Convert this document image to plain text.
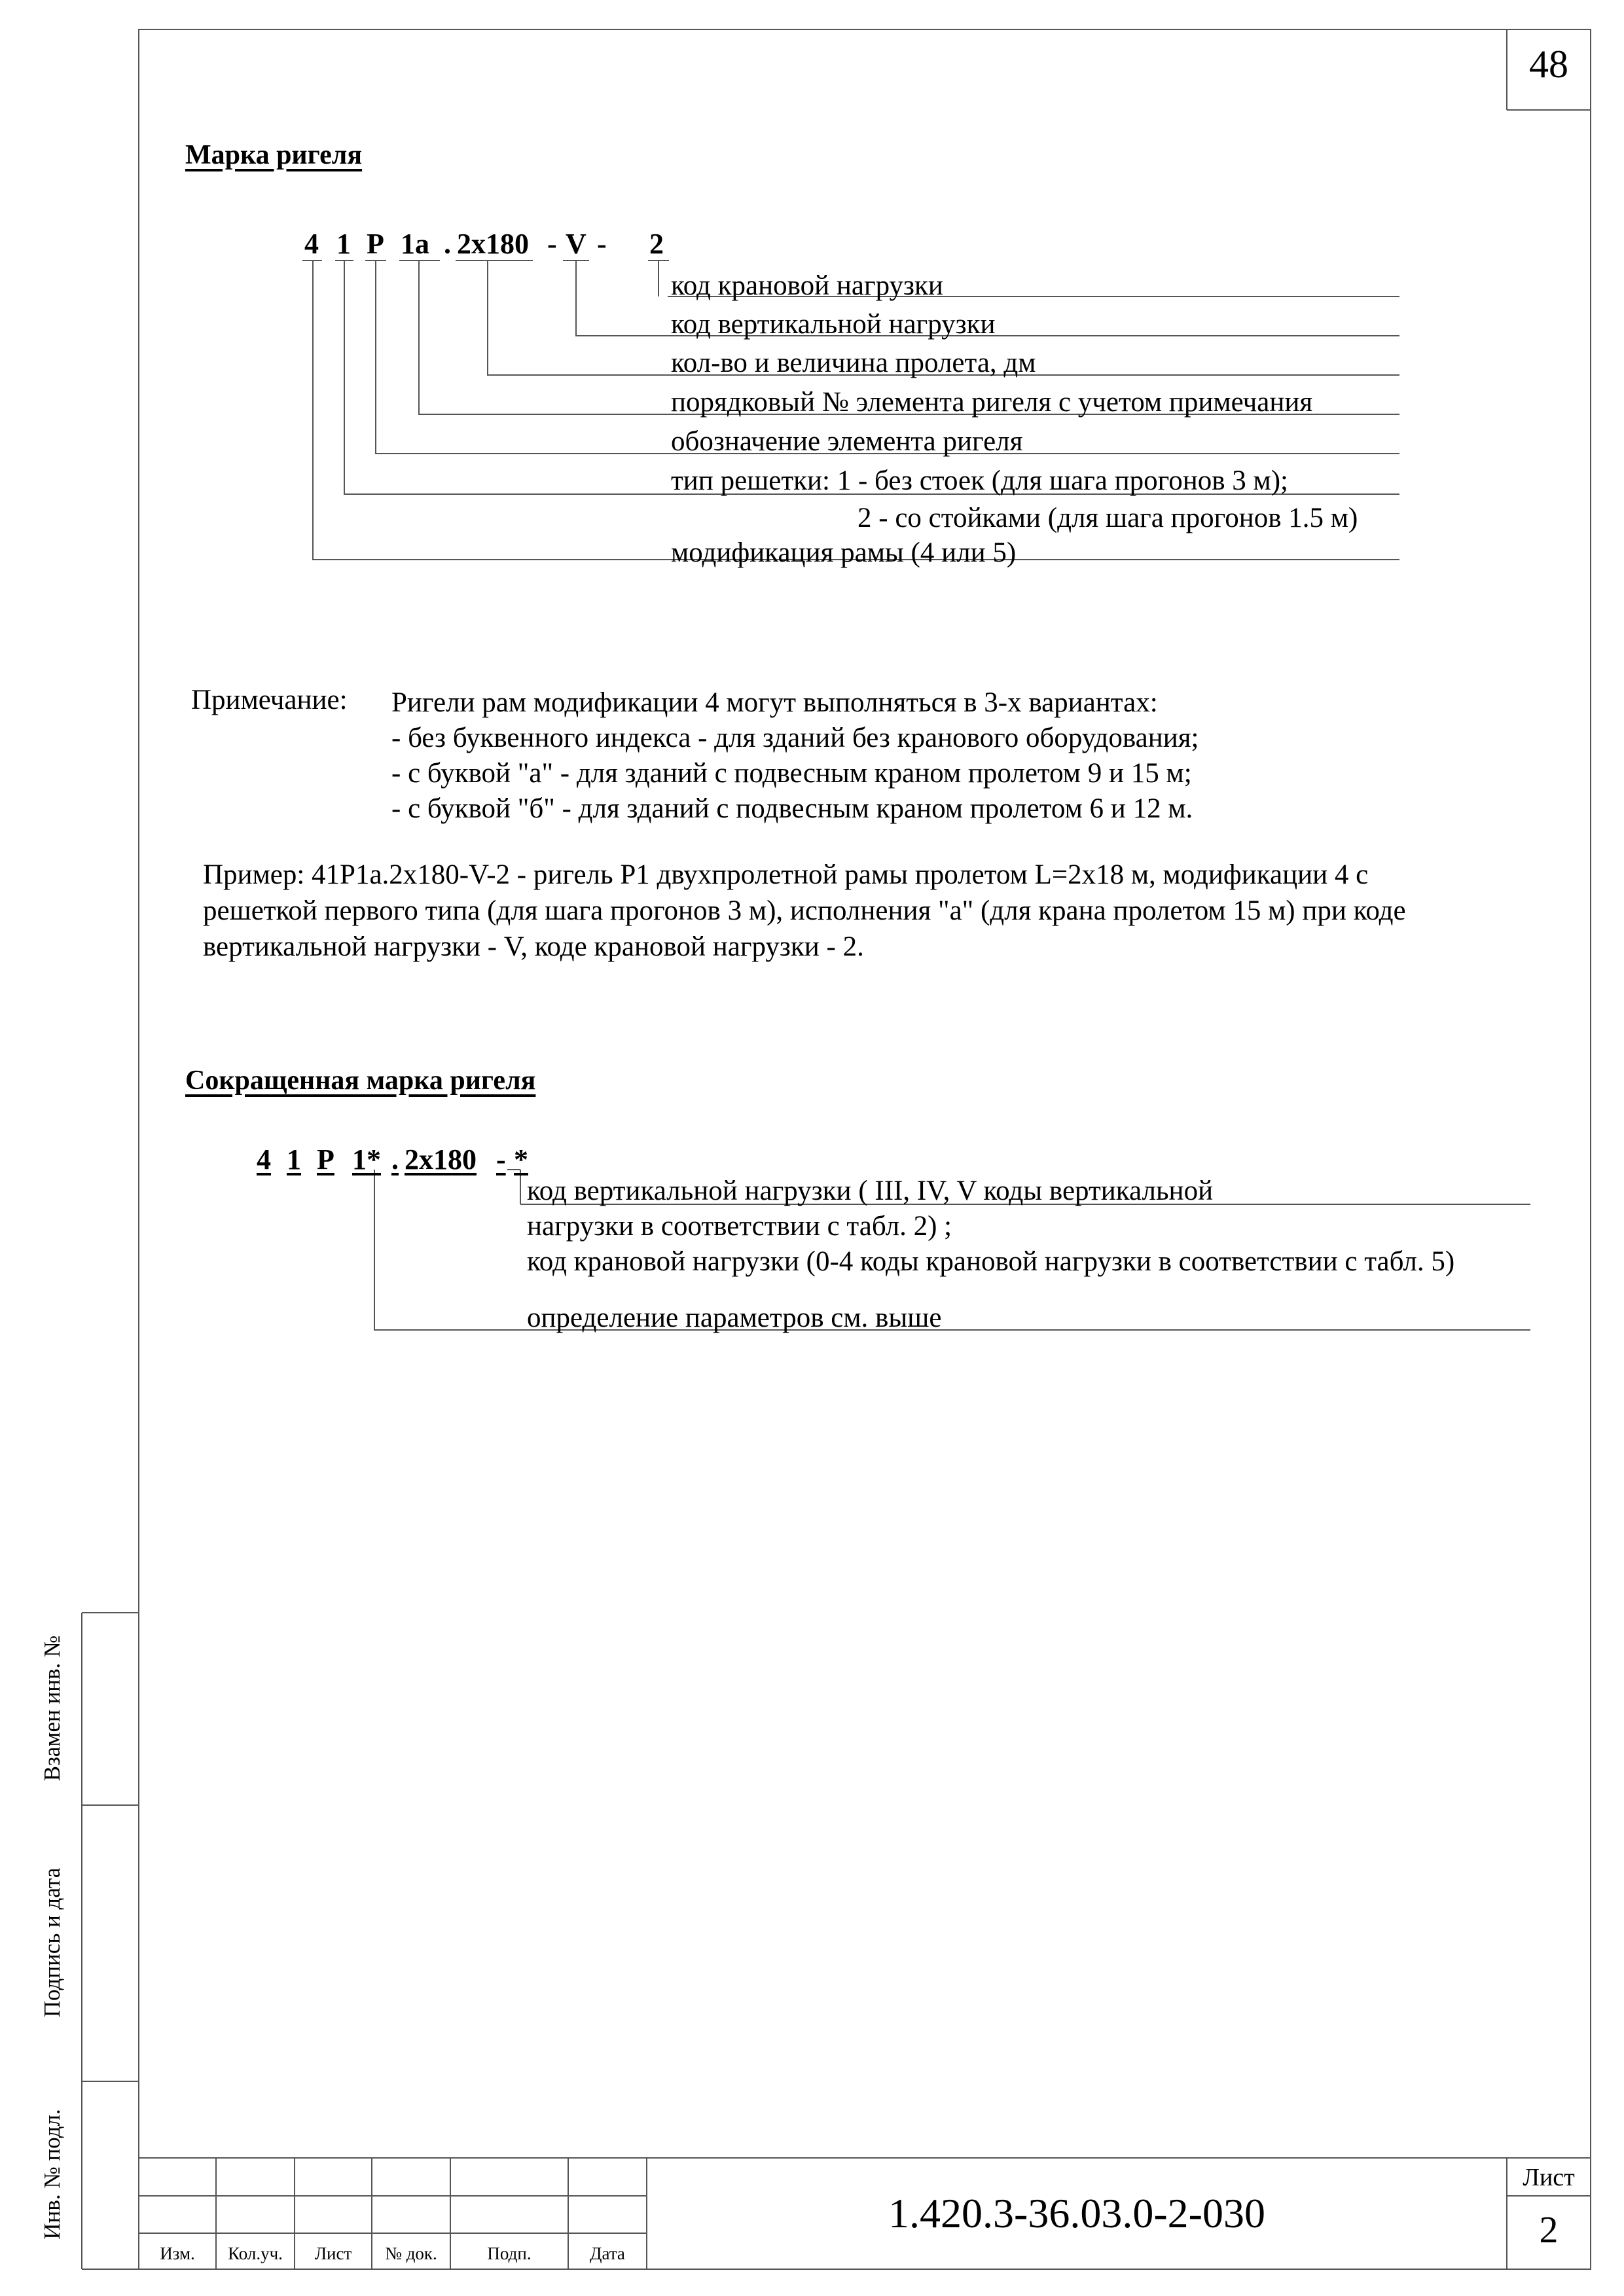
48
Марка ригеля
4 1 Р 1а . 2х180 - V - 2
код крановой нагрузки
код вертикальной нагрузки
кол-во и величина пролета, дм
порядковый № элемента ригеля с учетом примечания
обозначение элемента ригеля
тип решетки: 1 - без стоек (для шага прогонов 3 м);
2 - со стойками (для шага прогонов 1.5 м)
модификация рамы (4 или 5)
Примечание: Ригели рам модификации 4 могут выполняться в 3-х вариантах:
- без буквенного индекса - для зданий без кранового оборудования;
- с буквой "а" - для зданий с подвесным краном пролетом 9 и 15 м;
- с буквой "б" - для зданий с подвесным краном пролетом 6 и 12 м.
Пример: 41Р1а.2х180-V-2 - ригель Р1 двухпролетной рамы пролетом L=2х18 м, модификации 4 с
решеткой первого типа (для шага прогонов 3 м), исполнения "а" (для крана пролетом 15 м) при коде
вертикальной нагрузки - V, коде крановой нагрузки - 2.
Сокращенная марка ригеля
4 1 Р 1* . 2х180 - *
код вертикальной нагрузки ( III, IV, V коды вертикальной
нагрузки в соответствии с табл. 2) ;
код крановой нагрузки (0-4 коды крановой нагрузки в соответствии с табл. 5)
определение параметров см. выше
Взамен инв. №
Подпись и дата
Инв. № подл.
Изм.	Кол.уч.	Лист	№ док.	Подп.	Дата
1.420.3-36.03.0-2-030
Лист
2
